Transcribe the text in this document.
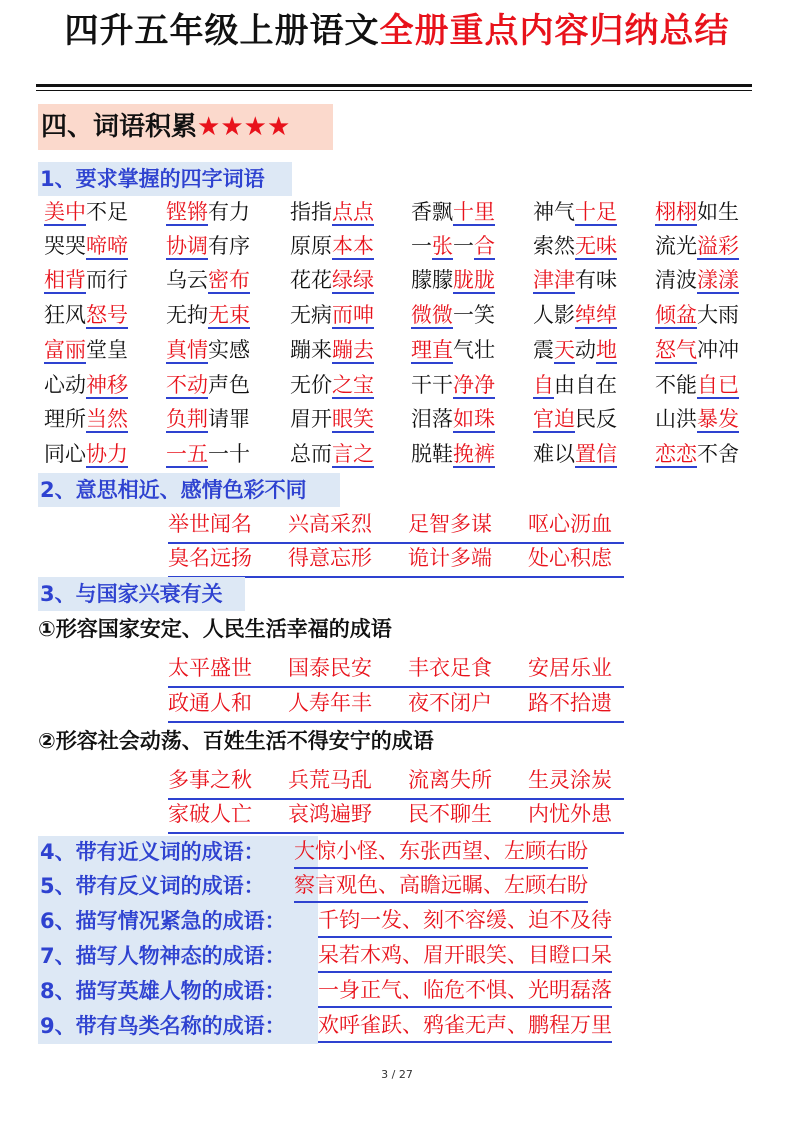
四升五年级上册语文全册重点内容归纳总结
四、词语积累★★★★
1、要求掌握的四字词语
美中不足 铿锵有力 指指点点 香飘十里 神气十足 栩栩如生
哭哭啼啼 协调有序 原原本本 一张一合 索然无味 流光溢彩
相背而行 乌云密布 花花绿绿 朦朦胧胧 津津有味 清波漾漾
狂风怒号 无拘无束 无病而呻 微微一笑 人影绰绰 倾盆大雨
富丽堂皇 真情实感 蹦来蹦去 理直气壮 震天动地 怒气冲冲
心动神移 不动声色 无价之宝 干干净净 自由自在 不能自已
理所当然 负荆请罪 眉开眼笑 泪落如珠 官迫民反 山洪暴发
同心协力 一五一十 总而言之 脱鞋挽裤 难以置信 恋恋不舍
2、意思相近、感情色彩不同
举世闻名 兴高采烈 足智多谋 呕心沥血
臭名远扬 得意忘形 诡计多端 处心积虑
3、与国家兴衰有关
①形容国家安定、人民生活幸福的成语
太平盛世 国泰民安 丰衣足食 安居乐业
政通人和 人寿年丰 夜不闭户 路不拾遗
②形容社会动荡、百姓生活不得安宁的成语
多事之秋 兵荒马乱 流离失所 生灵涂炭
家破人亡 哀鸿遍野 民不聊生 内忧外患
4、带有近义词的成语：	大惊小怪、东张西望、左顾右盼
5、带有反义词的成语：	察言观色、高瞻远瞩、左顾右盼
6、描写情况紧急的成语：	千钧一发、刻不容缓、迫不及待
7、描写人物神态的成语：	呆若木鸡、眉开眼笑、目瞪口呆
8、描写英雄人物的成语：	一身正气、临危不惧、光明磊落
9、带有鸟类名称的成语：	欢呼雀跃、鸦雀无声、鹏程万里
3 / 27
